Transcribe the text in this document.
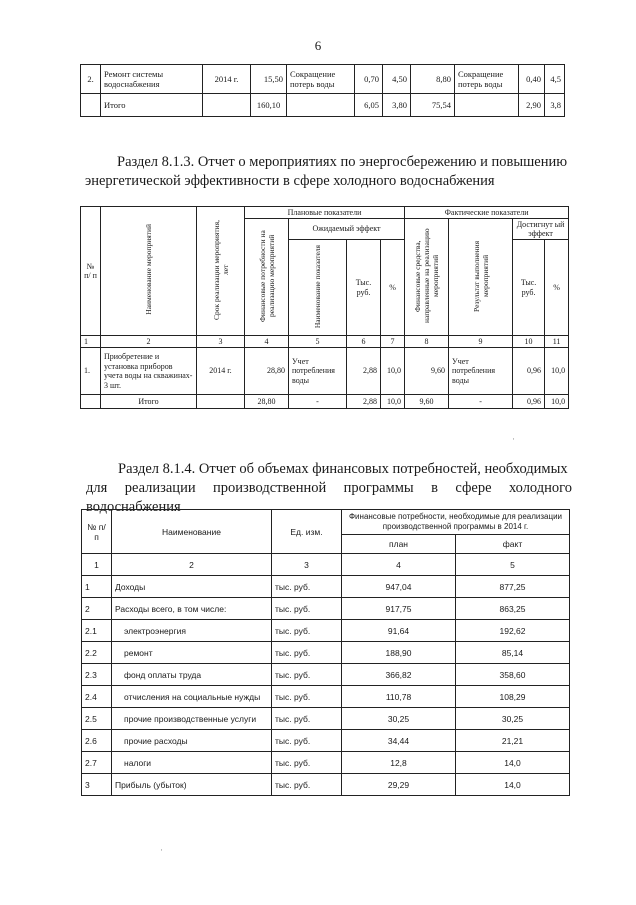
6
2.	Ремонт системы водоснабжения	2014 г.	15,50	Сокращение потерь воды	0,70	4,50	8,80	Сокращение потерь воды	0,40	4,5
	Итого		160,10		6,05	3,80	75,54		2,90	3,8
Раздел 8.1.3. Отчет о мероприятиях по энергосбережению и повышению
энергетической эффективности в сфере холодного водоснабжения
№ п/ п	Наименование мероприятий	Срок реализации мероприятия, лет	Плановые показатели				Фактические показатели			
			Финансовые потребности на реализацию мероприятий	Ожидаемый эффект			Финансовые средства, направленные на реализацию мероприятий	Результат выполнения мероприятий	Достигнут ый эффект	
				Наименование показателя	Тыс. руб.	%			Тыс. руб.	%
1	2	3	4	5	6	7	8	9	10	11
1.	Приобретение и установка приборов учета воды на скважинах- 3 шт.	2014 г.	28,80	Учет потребления воды	2,88	10,0	9,60	Учет потребления воды	0,96	10,0
	Итого		28,80	-	2,88	10,0	9,60	-	0,96	10,0
·
Раздел 8.1.4. Отчет об объемах финансовых потребностей, необходимых
для реализации производственной программы в сфере холодного водоснабжения
№ п/п	Наименование	Ед. изм.	Финансовые потребности, необходимые для реализации производственной программы в 2014 г.	
			план	факт
1	2	3	4	5
1	Доходы	тыс. руб.	947,04	877,25
2	Расходы всего, в том числе:	тыс. руб.	917,75	863,25
2.1	электроэнергия	тыс. руб.	91,64	192,62
2.2	ремонт	тыс. руб.	188,90	85,14
2.3	фонд оплаты труда	тыс. руб.	366,82	358,60
2.4	отчисления на социальные нужды	тыс. руб.	110,78	108,29
2.5	прочие производственные услуги	тыс. руб.	30,25	30,25
2.6	прочие расходы	тыс. руб.	34,44	21,21
2.7	налоги	тыс. руб.	12,8	14,0
3	Прибыль (убыток)	тыс. руб.	29,29	14,0
·
